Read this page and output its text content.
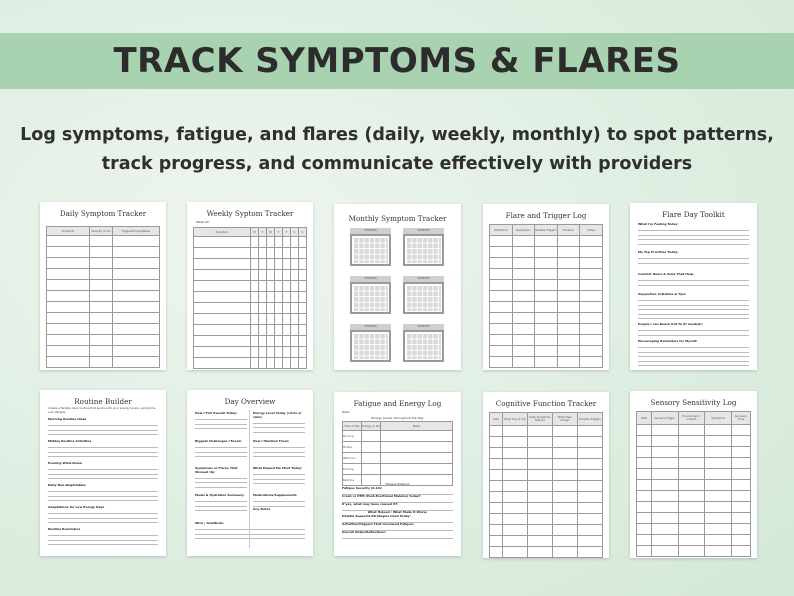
TRACK SYMPTOMS & FLARES
Log symptoms, fatigue, and flares (daily, weekly, monthly) to spot patterns,
track progress, and communicate effectively with providers
Daily Symptom Tracker
Symptom	Severity (1-10)	Triggers/Timing/Notes

Weekly Syptom Tracker
Week Of:
Symptom	M	T	W	T	F	S	S

Monthly Symptom Tracker
SYMPTOM	SYMPTOM
SYMPTOM	SYMPTOM
SYMPTOM	SYMPTOM
Flare and Trigger Log
Date/Time	Description	Possible Triggers	Duration	Notes

Flare Day Toolkit
What I'm Feeling Today:
My Top Priorities Today:
Comfort Items & Tools That Help:
Supportive Activities & Tips:
People I can Reach Out To (if needed):
Encouraging Reminders for Myself:
Routine Builder
Create a flexible daily routine that works with your energy levels, symptoms, and lifestyle.
Morning Routine Ideas
Midday Routine Activities
Evening Wind-Down
Daily Non-Negotiables
Adaptations for Low Energy Days
Routine Reminders
Day Overview
How I Felt Overall Today:
Biggest Challenges I Faced:
Symptoms or Flares That Showed Up:
Meals & Hydration Summary:
Wins / Gratitude:
Energy Level Today (circle or rate):
How I Handled Them:
What Helped Me Most Today:
Medications/Supplements
Any Notes
Fatigue and Energy Log
Date:
Energy Levels Throughout the Day
Time of Day	Energy (1-10)	Notes
Morning		
Midday		
Afternoon		
Evening		
Bedtime		
Fatigue Patterns
Fatigue Severity (0-10):
Crash or PEM (Post-Exertional Malaise) today?
If yes, what may have caused it?:
What Helped / What Made It Worse
Helpful Supports/Strategies Used Today:
Activities/Triggers That Increased Fatigue:
Overall Notes/Reflections:
Cognitive Function Tracker
Date	Brain Fog (1-10)	Daily Symptoms Noticed	What Was I Doing?	Possible Triggers

Sensory Sensitivity Log
Date	Sensory Trigger	Environment / Context	Symptoms	Recovery Time
